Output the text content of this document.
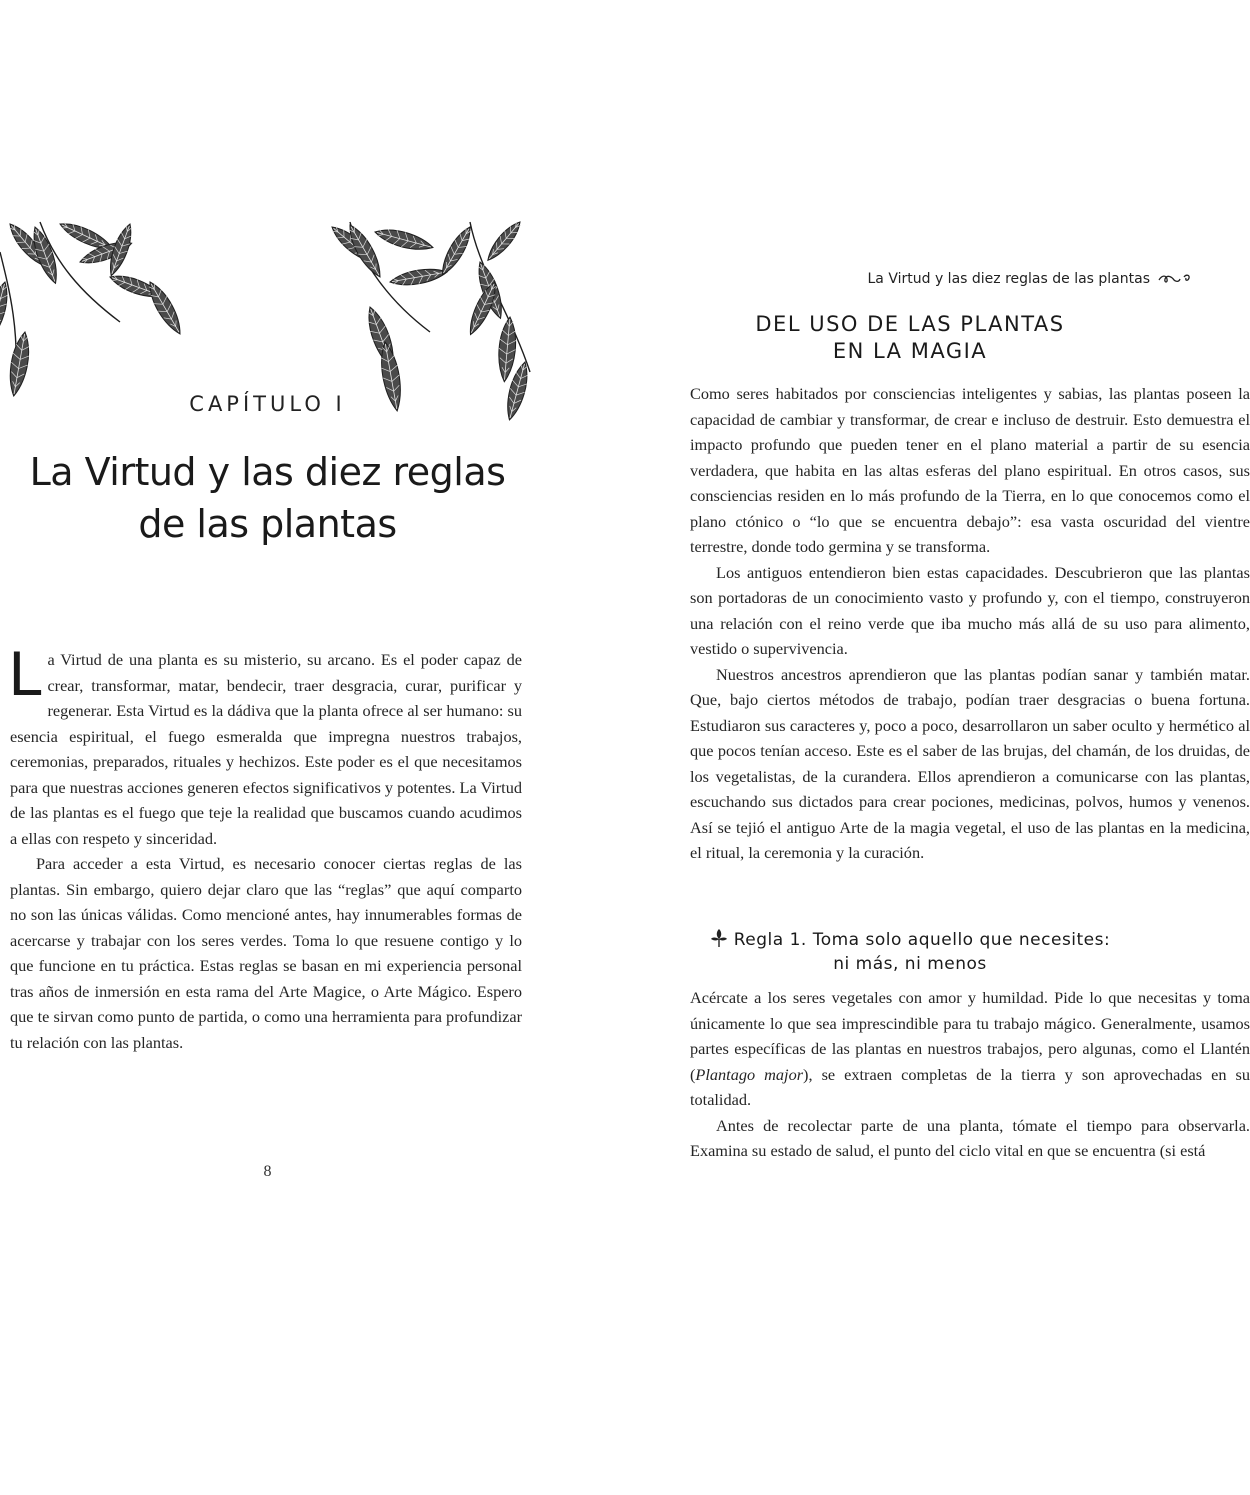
CAPÍTULO I
La Virtud y las diez reglas
de las plantas

La Virtud de una planta es su misterio, su arcano. Es el poder capaz de crear, transformar, matar, bendecir, traer desgracia, curar, purificar y regenerar. Esta Virtud es la dádiva que la planta ofrece al ser humano: su esencia espiritual, el fuego esmeralda que impregna nuestros trabajos, ceremonias, preparados, rituales y hechizos. Este poder es el que necesitamos para que nuestras acciones generen efectos significativos y potentes. La Virtud de las plantas es el fuego que teje la realidad que buscamos cuando acudimos a ellas con respeto y sinceridad.

Para acceder a esta Virtud, es necesario conocer ciertas reglas de las plantas. Sin embargo, quiero dejar claro que las “reglas” que aquí comparto no son las únicas válidas. Como mencioné antes, hay innumerables formas de acercarse y trabajar con los seres verdes. Toma lo que resuene contigo y lo que funcione en tu práctica. Estas reglas se basan en mi experiencia personal tras años de inmersión en esta rama del Arte Magice, o Arte Mágico. Espero que te sirvan como punto de partida, o como una herramienta para profundizar tu relación con las plantas.

8
La Virtud y las diez reglas de las plantas
DEL USO DE LAS PLANTAS
EN LA MAGIA

Como seres habitados por consciencias inteligentes y sabias, las plantas poseen la capacidad de cambiar y transformar, de crear e incluso de destruir. Esto demuestra el impacto profundo que pueden tener en el plano material a partir de su esencia verdadera, que habita en las altas esferas del plano espiritual. En otros casos, sus consciencias residen en lo más profundo de la Tierra, en lo que conocemos como el plano ctónico o “lo que se encuentra debajo”: esa vasta oscuridad del vientre terrestre, donde todo germina y se transforma.

Los antiguos entendieron bien estas capacidades. Descubrieron que las plantas son portadoras de un conocimiento vasto y profundo y, con el tiempo, construyeron una relación con el reino verde que iba mucho más allá de su uso para alimento, vestido o supervivencia.

Nuestros ancestros aprendieron que las plantas podían sanar y también matar. Que, bajo ciertos métodos de trabajo, podían traer desgracias o buena fortuna. Estudiaron sus caracteres y, poco a poco, desarrollaron un saber oculto y hermético al que pocos tenían acceso. Este es el saber de las brujas, del chamán, de los druidas, de los vegetalistas, de la curandera. Ellos aprendieron a comunicarse con las plantas, escuchando sus dictados para crear pociones, medicinas, polvos, humos y venenos. Así se tejió el antiguo Arte de la magia vegetal, el uso de las plantas en la medicina, el ritual, la ceremonia y la curación.

Regla 1. Toma solo aquello que necesites:
ni más, ni menos

Acércate a los seres vegetales con amor y humildad. Pide lo que necesitas y toma únicamente lo que sea imprescindible para tu trabajo mágico. Generalmente, usamos partes específicas de las plantas en nuestros trabajos, pero algunas, como el Llantén (Plantago major), se extraen completas de la tierra y son aprovechadas en su totalidad.

Antes de recolectar parte de una planta, tómate el tiempo para observarla. Examina su estado de salud, el punto del ciclo vital en que se encuentra (si está
